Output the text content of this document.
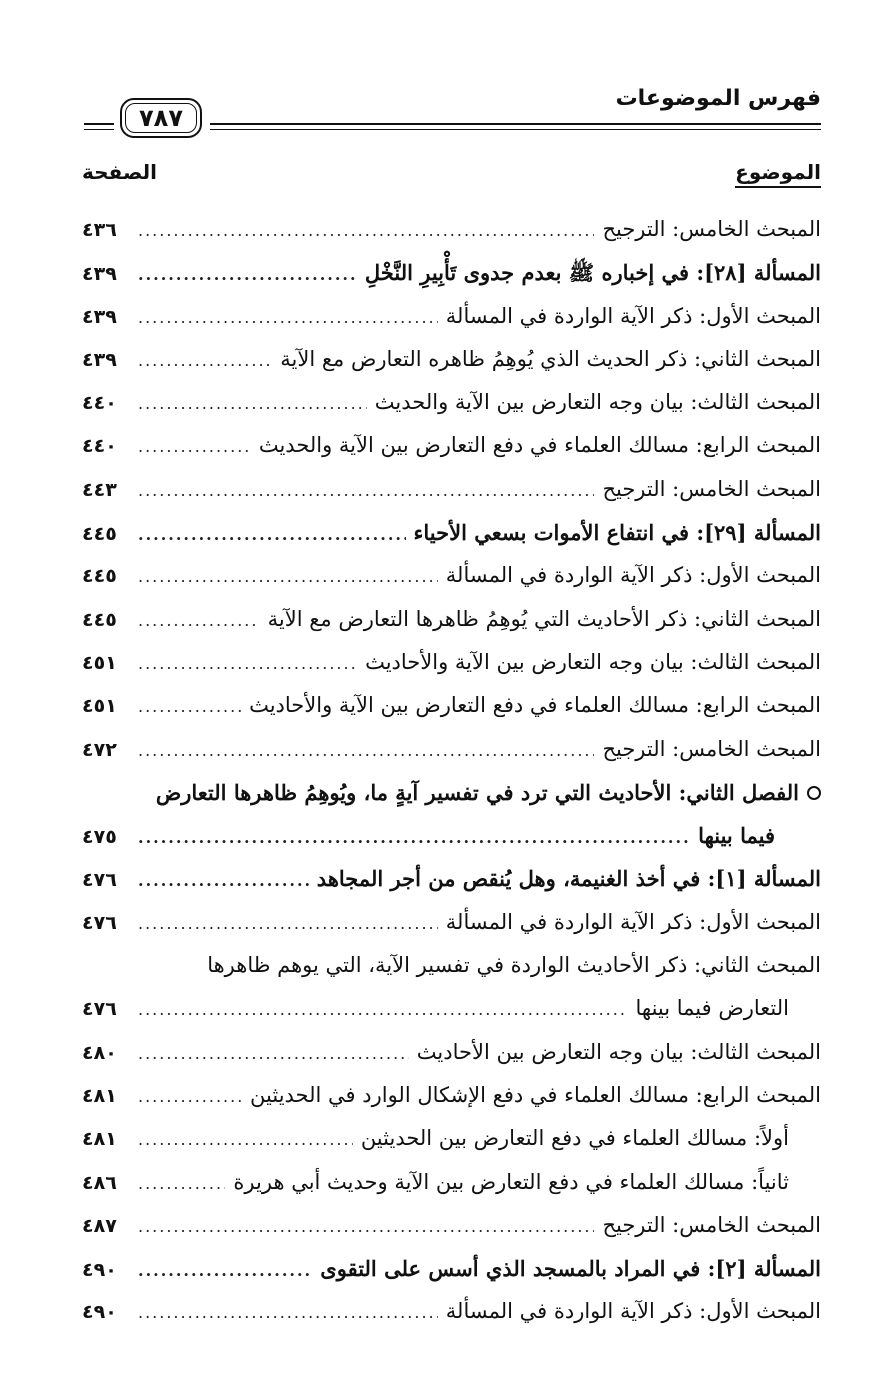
فهرس الموضوعات
٧٨٧
الموضوع
الصفحة
المبحث الخامس: الترجيح
.....
٤٣٦
المسألة [٢٨]: في إخباره ﷺ بعدم جدوى تَأْبِيرِ النَّخْلِ
.....
٤٣٩
المبحث الأول: ذكر الآية الواردة في المسألة
.....
٤٣٩
المبحث الثاني: ذكر الحديث الذي يُوهِمُ ظاهره التعارض مع الآية
.....
٤٣٩
المبحث الثالث: بيان وجه التعارض بين الآية والحديث
.....
٤٤٠
المبحث الرابع: مسالك العلماء في دفع التعارض بين الآية والحديث
.....
٤٤٠
المبحث الخامس: الترجيح
.....
٤٤٣
المسألة [٢٩]: في انتفاع الأموات بسعي الأحياء
.....
٤٤٥
المبحث الأول: ذكر الآية الواردة في المسألة
.....
٤٤٥
المبحث الثاني: ذكر الأحاديث التي يُوهِمُ ظاهرها التعارض مع الآية
.....
٤٤٥
المبحث الثالث: بيان وجه التعارض بين الآية والأحاديث
.....
٤٥١
المبحث الرابع: مسالك العلماء في دفع التعارض بين الآية والأحاديث
.....
٤٥١
المبحث الخامس: الترجيح
.....
٤٧٢
الفصل الثاني: الأحاديث التي ترد في تفسير آيةٍ ما، ويُوهِمُ ظاهرها التعارض
فيما بينها
.....
٤٧٥
المسألة [١]: في أخذ الغنيمة، وهل يُنقص من أجر المجاهد
.....
٤٧٦
المبحث الأول: ذكر الآية الواردة في المسألة
.....
٤٧٦
المبحث الثاني: ذكر الأحاديث الواردة في تفسير الآية، التي يوهم ظاهرها
التعارض فيما بينها
.....
٤٧٦
المبحث الثالث: بيان وجه التعارض بين الأحاديث
.....
٤٨٠
المبحث الرابع: مسالك العلماء في دفع الإشكال الوارد في الحديثين
.....
٤٨١
أولاً: مسالك العلماء في دفع التعارض بين الحديثين
.....
٤٨١
ثانياً: مسالك العلماء في دفع التعارض بين الآية وحديث أبي هريرة
.....
٤٨٦
المبحث الخامس: الترجيح
.....
٤٨٧
المسألة [٢]: في المراد بالمسجد الذي أسس على التقوى
.....
٤٩٠
المبحث الأول: ذكر الآية الواردة في المسألة
.....
٤٩٠
